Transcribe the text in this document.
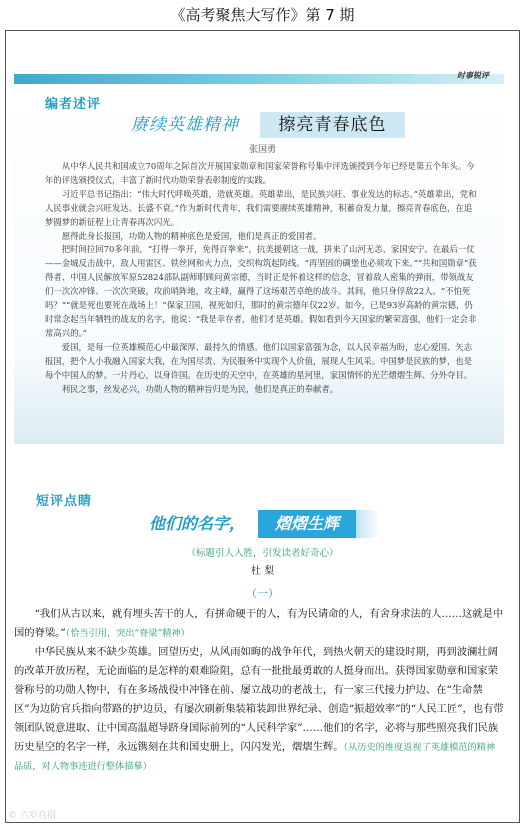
《高考聚焦大写作》第 7 期
时事锐评
编者述评
赓续英雄精神	擦亮青春底色
张国勇

从中华人民共和国成立70周年之际首次开展国家勋章和国家荣誉称号集中评选颁授到今年已经是第五个年头。今年的评选颁授仪式，丰富了新时代功勋荣誉表彰制度的实践。

习近平总书记指出：“伟大时代呼唤英雄，造就英雄。英雄辈出，是民族兴旺、事业发达的标志。”英雄辈出，党和人民事业就会兴旺发达、长盛不衰。”作为新时代青年，我们需要赓续英雄精神，积蓄奋发力量，擦亮青春底色，在追梦圆梦的新征程上让青春再次闪光。

愿得此身长报国，功勋人物的精神底色是爱国，他们是真正的爱国者。

把时间拉回70多年前，“打得一拳开，免得百拳来”，抗美援朝这一战，拼来了山河无恙、家国安宁。在最后一仗——金城反击战中，敌人用雷区、铁丝网和火力点，交织构筑起防线。“再坚固的碉堡也必须攻下来。”“共和国勋章”获得者、中国人民解放军原52824部队副师职顾问黄宗德，当时正是怀着这样的信念，冒着敌人密集的弹雨，带领战友们一次次冲锋、一次次突破，攻前哨阵地，攻主峰，赢得了这场艰苦卓绝的战斗。其间，他只身俘敌22人。“不怕死吗？”“就是死也要死在战场上！”保家卫国，视死如归，那时的黄宗德年仅22岁。如今，已是93岁高龄的黄宗德，仍时常念起当年牺牲的战友的名字，他说：“我是幸存者，他们才是英雄。假如看到今天国家的繁荣富强，他们一定会非常高兴的。”

爱国，是每一位英雄模范心中最深厚、最持久的情感。他们以国家富强为念，以人民幸福为盼，忠心爱国、矢志报国，把个人小我融入国家大我，在为国尽责、为民服务中实现个人价值，展现人生风采。中国梦是民族的梦，也是每个中国人的梦。一片丹心，以身许国。在历史的天空中，在英雄的星河里，家国情怀的光芒熠熠生辉、分外夺目。

利民之事，丝发必兴，功勋人物的精神旨归是为民，他们是真正的奉献者。

短评点睛
他们的名字，	熠熠生辉
（标题引人入胜，引发读者好奇心）
杜 梨
（一）

“我们从古以来，就有埋头苦干的人，有拼命硬干的人，有为民请命的人，有舍身求法的人……这就是中国的脊梁。”（恰当引用，突出“脊梁”精神）

中华民族从来不缺少英雄。回望历史，从风雨如晦的战争年代，到热火朝天的建设时期，再到波澜壮阔的改革开放历程，无论面临的是怎样的艰难险阻，总有一批批最勇敢的人挺身而出。获得国家勋章和国家荣誉称号的功勋人物中，有在多场战役中冲锋在前、屡立战功的老战士，有一家三代接力护边、在“生命禁区”为边防官兵指向带路的护边员，有屡次刷新集装箱装卸世界纪录、创造“振超效率”的“人民工匠”，也有带领团队锐意进取、让中国高温超导跻身国际前列的“人民科学家”……他们的名字，必将与那些照亮我们民族历史星空的名字一样，永远镌刻在共和国史册上，闪闪发光，熠熠生辉。（从历史的维度返视了英雄模范的精神品质，对人物事迹进行整体描摹）

© 六岁自招
